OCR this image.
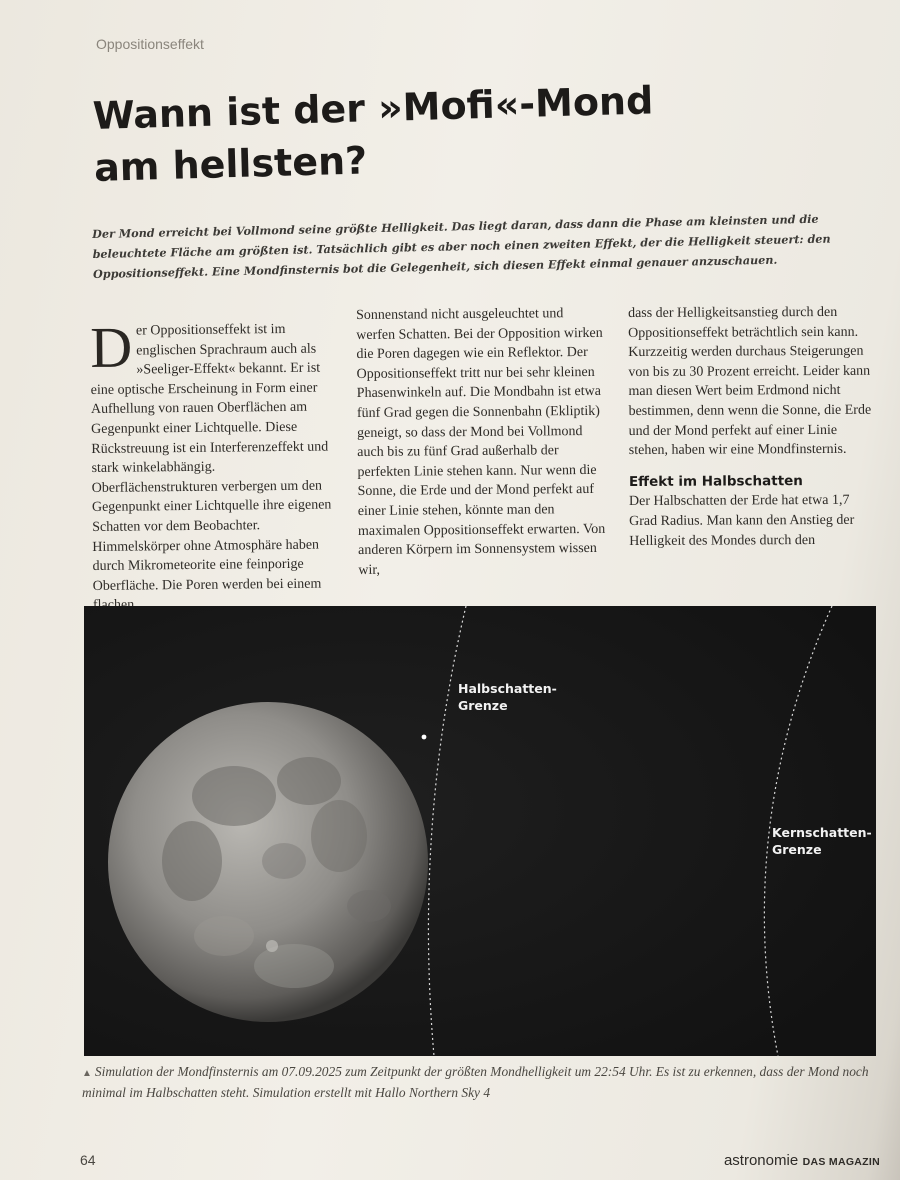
Oppositionseffekt
Wann ist der »Mofi«-Mond
am hellsten?
Der Mond erreicht bei Vollmond seine größte Helligkeit. Das liegt daran, dass dann die Phase am kleinsten und die beleuchtete Fläche am größten ist. Tatsächlich gibt es aber noch einen zweiten Effekt, der die Helligkeit steuert: den Oppositionseffekt. Eine Mondfinsternis bot die Gelegenheit, sich diesen Effekt einmal genauer anzuschauen.

Der Oppositionseffekt ist im englischen Sprachraum auch als »Seeliger-Effekt« bekannt. Er ist eine optische Erscheinung in Form einer Aufhellung von rauen Oberflächen am Gegenpunkt einer Lichtquelle. Diese Rückstreuung ist ein Interferenzeffekt und stark winkelabhängig. Oberflächenstrukturen verbergen um den Gegenpunkt einer Lichtquelle ihre eigenen Schatten vor dem Beobachter. Himmelskörper ohne Atmosphäre haben durch Mikrometeorite eine feinporige Oberfläche. Die Poren werden bei einem

Sonnenstand nicht ausgeleuchtet und werfen Schatten. Bei der Opposition wirken die Poren dagegen wie ein Reflektor. Der Oppositionseffekt tritt nur bei sehr kleinen Phasenwinkeln auf. Die Mondbahn ist etwa fünf Grad gegen die Sonnenbahn (Ekliptik) geneigt, so dass der Mond bei Vollmond auch bis zu fünf Grad außerhalb der perfekten Linie stehen kann. Nur wenn die Sonne, die Erde und der Mond perfekt auf einer Linie stehen, könnte man den maximalen Oppositionseffekt erwarten. Von anderen Körpern im Sonnensystem wissen wir,

dass der Helligkeitsanstieg durch den Oppositionseffekt beträchtlich sein kann. Kurzzeitig werden durchaus Steigerungen von bis zu 30 Prozent erreicht. Leider kann man diesen Wert beim Erdmond nicht bestimmen, denn wenn die Sonne, die Erde und der Mond perfekt auf einer Linie stehen, haben wir eine Mondfinsternis.

Effekt im Halbschatten

Der Halbschatten der Erde hat etwa 1,7 Grad Radius. Man kann den Anstieg der Helligkeit des Mondes durch den

Halbschatten-
Grenze
Kernschatten-
Grenze
▲ Simulation der Mondfinsternis am 07.09.2025 zum Zeitpunkt der größten Mondhelligkeit um 22:54 Uhr. Es ist zu erkennen, dass der Mond noch minimal im Halbschatten steht. Simulation erstellt mit Hallo Northern Sky 4
64	astronomie DAS MAGAZIN
